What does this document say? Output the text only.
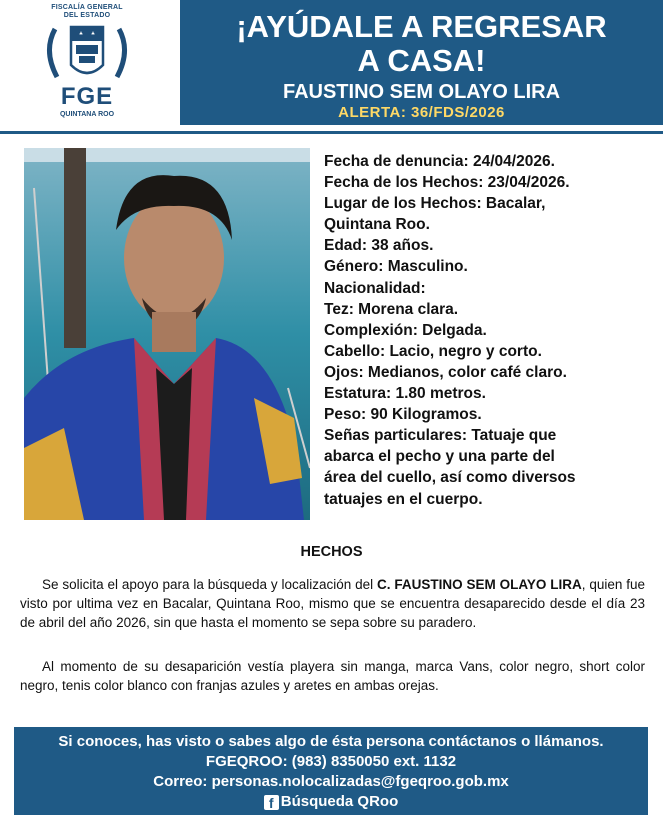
FISCALÍA GENERAL
DEL ESTADO
FGE
QUINTANA ROO
¡AYÚDALE A REGRESAR
A CASA!
FAUSTINO SEM OLAYO LIRA
ALERTA: 36/FDS/2026
Fecha de denuncia: 24/04/2026.
Fecha de los Hechos: 23/04/2026.
Lugar de los Hechos: Bacalar,
Quintana Roo.
Edad: 38 años.
Género: Masculino.
Nacionalidad:
Tez: Morena clara.
Complexión: Delgada.
Cabello: Lacio, negro y corto.
Ojos: Medianos, color café claro.
Estatura: 1.80 metros.
Peso: 90 Kilogramos.
Señas particulares: Tatuaje que
abarca el pecho y una parte del
área del cuello, así como diversos
tatuajes en el cuerpo.
HECHOS
Se solicita el apoyo para la búsqueda y localización del C. FAUSTINO SEM OLAYO LIRA, quien fue visto por ultima vez en Bacalar, Quintana Roo, mismo que se encuentra desaparecido desde el día 23 de abril del año 2026, sin que hasta el momento se sepa sobre su paradero.
Al momento de su desaparición vestía playera sin manga, marca Vans, color negro, short color negro, tenis color blanco con franjas azules y aretes en ambas orejas.
Si conoces, has visto o sabes algo de ésta persona contáctanos o llámanos.
FGEQROO: (983) 8350050 ext. 1132
Correo: personas.nolocalizadas@fgeqroo.gob.mx
f Búsqueda QRoo
